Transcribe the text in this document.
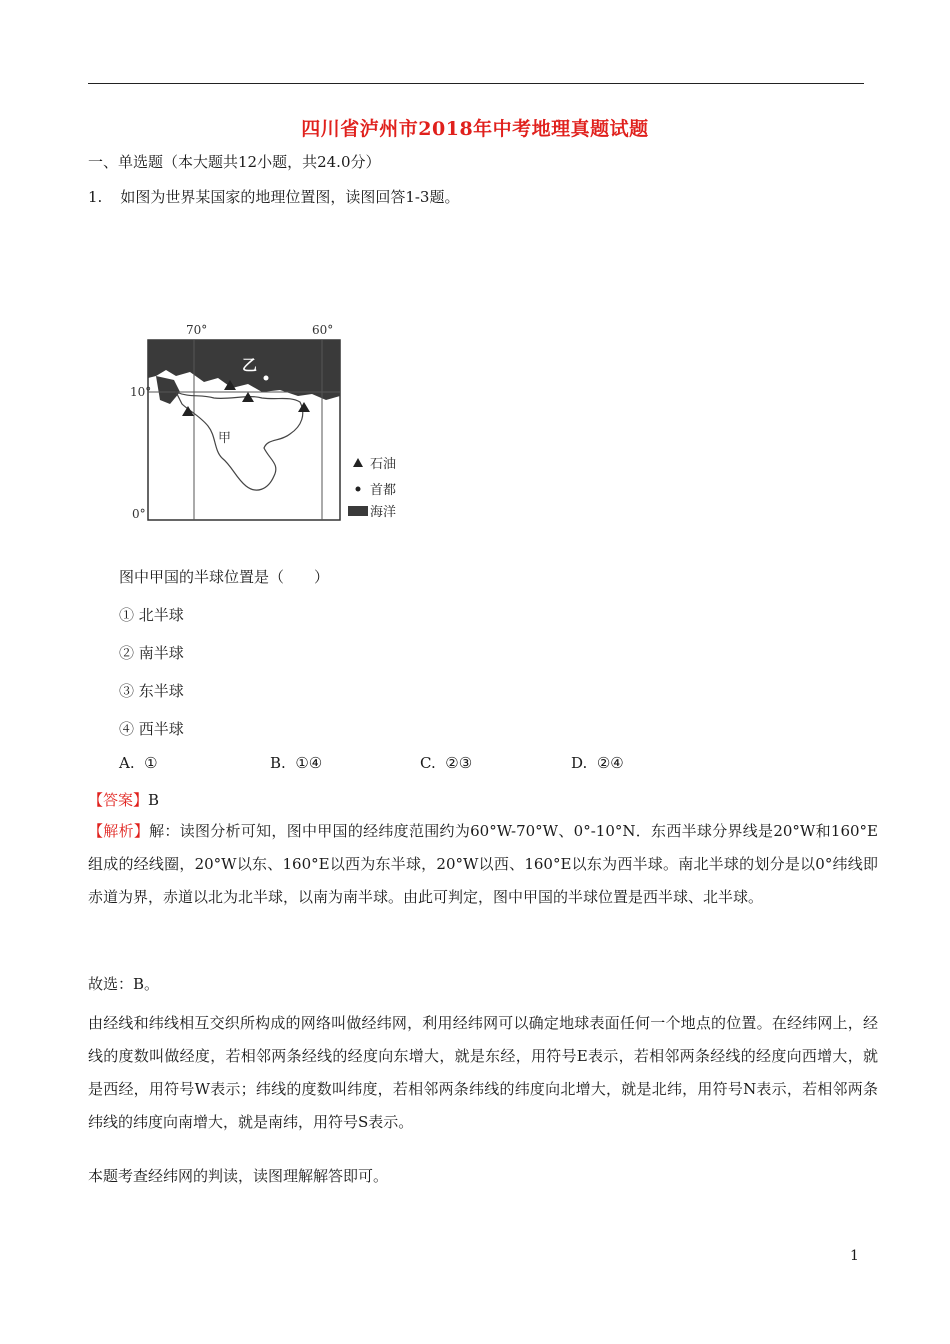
四川省泸州市2018年中考地理真题试题
一、单选题（本大题共12小题，共24.0分）
1. 如图为世界某国家的地理位置图，读图回答1-3题。
70°	60°
10°
0°
乙
甲
石油
首都
海洋
图中甲国的半球位置是（　　）
① 北半球
② 南半球
③ 东半球
④ 西半球
A. ①	B. ①④	C. ②③	D. ②④
【答案】B
【解析】解：读图分析可知，图中甲国的经纬度范围约为60°W-70°W、0°-10°N．东西半球分界线是20°W和160°E组成的经线圈，20°W以东、160°E以西为东半球，20°W以西、160°E以东为西半球。南北半球的划分是以0°纬线即赤道为界，赤道以北为北半球，以南为南半球。由此可判定，图中甲国的半球位置是西半球、北半球。
故选：B。
由经线和纬线相互交织所构成的网络叫做经纬网，利用经纬网可以确定地球表面任何一个地点的位置。在经纬网上，经线的度数叫做经度，若相邻两条经线的经度向东增大，就是东经，用符号E表示，若相邻两条经线的经度向西增大，就是西经，用符号W表示；纬线的度数叫纬度，若相邻两条纬线的纬度向北增大，就是北纬，用符号N表示，若相邻两条纬线的纬度向南增大，就是南纬，用符号S表示。
本题考查经纬网的判读，读图理解解答即可。
1
